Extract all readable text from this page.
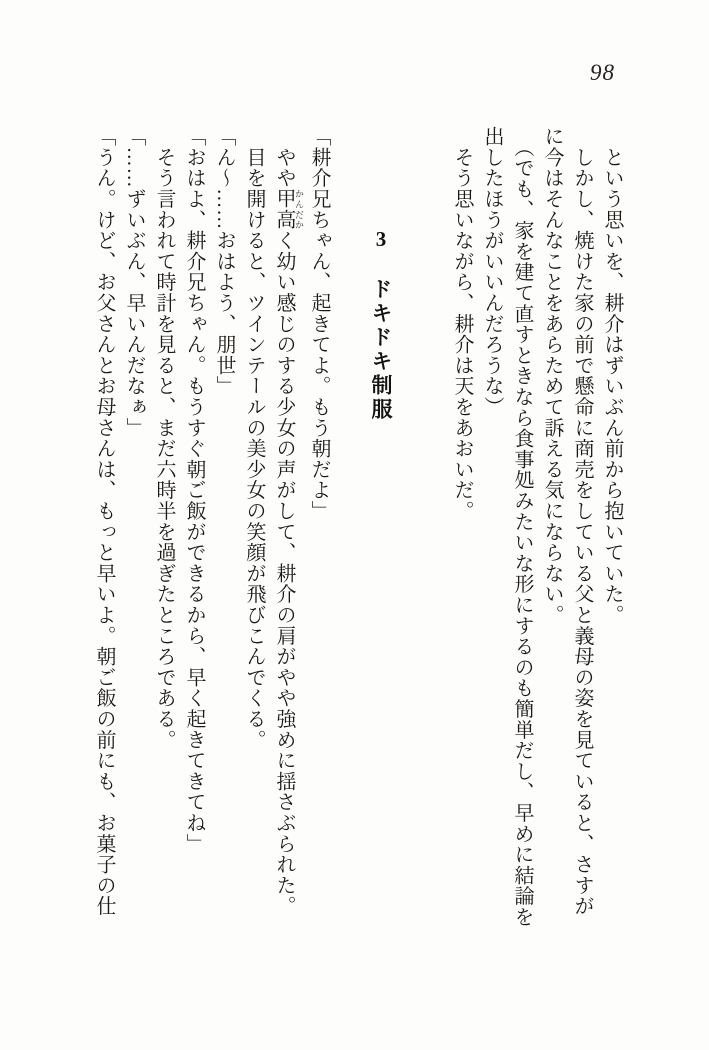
98

　という思いを、耕介はずいぶん前から抱いていた。

　しかし、焼けた家の前で懸命に商売をしている父と義母の姿を見ていると、さすが

に今はそんなことをあらためて訴える気にならない。

　（でも、家を建て直すときなら食事処みたいな形にするのも簡単だし、早めに結論を

出したほうがいいんだろうな）

　そう思いながら、耕介は天をあおいだ。

3　ドキドキ制服

「耕介兄ちゃん、起きてよ。もう朝だよ」

　やや甲高 かんだかく幼い感じのする少女の声がして、耕介の肩がやや強めに揺さぶられた。

　目を開けると、ツインテールの美少女の笑顔が飛びこんでくる。

「ん〜……おはよう、朋世」

「おはよ、耕介兄ちゃん。もうすぐ朝ご飯ができるから、早く起きてきてね」

　そう言われて時計を見ると、まだ六時半を過ぎたところである。

「……ずいぶん、早いんだなぁ」

「うん。けど、お父さんとお母さんは、もっと早いよ。朝ご飯の前にも、お菓子の仕
